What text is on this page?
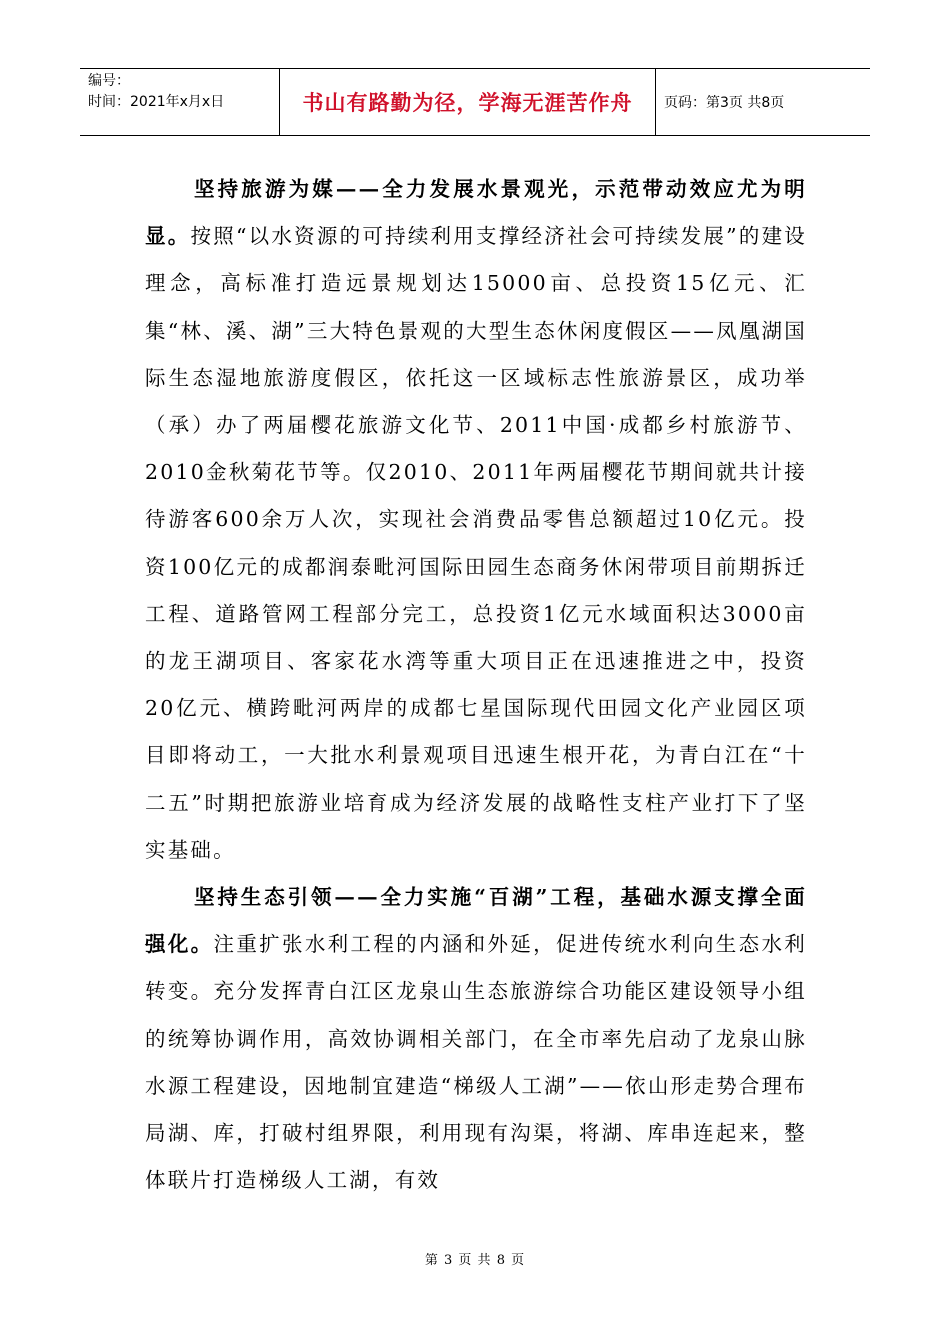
编号：
时间：2021年x月x日	书山有路勤为径，学海无涯苦作舟	页码：第3页 共8页

坚持旅游为媒——全力发展水景观光，示范带动效应尤为明显。按照“以水资源的可持续利用支撑经济社会可持续发展”的建设理念，高标准打造远景规划达15000亩、总投资15亿元、汇集“林、溪、湖”三大特色景观的大型生态休闲度假区——凤凰湖国际生态湿地旅游度假区，依托这一区域标志性旅游景区，成功举（承）办了两届樱花旅游文化节、2011中国·成都乡村旅游节、2010金秋菊花节等。仅2010、2011年两届樱花节期间就共计接待游客600余万人次，实现社会消费品零售总额超过10亿元。投资100亿元的成都润泰毗河国际田园生态商务休闲带项目前期拆迁工程、道路管网工程部分完工，总投资1亿元水域面积达3000亩的龙王湖项目、客家花水湾等重大项目正在迅速推进之中，投资20亿元、横跨毗河两岸的成都七星国际现代田园文化产业园区项目即将动工，一大批水利景观项目迅速生根开花，为青白江在“十二五”时期把旅游业培育成为经济发展的战略性支柱产业打下了坚实基础。

坚持生态引领——全力实施“百湖”工程，基础水源支撑全面强化。注重扩张水利工程的内涵和外延，促进传统水利向生态水利转变。充分发挥青白江区龙泉山生态旅游综合功能区建设领导小组的统筹协调作用，高效协调相关部门，在全市率先启动了龙泉山脉水源工程建设，因地制宜建造“梯级人工湖”——依山形走势合理布局湖、库，打破村组界限，利用现有沟渠，将湖、库串连起来，整体联片打造梯级人工湖，有效

第 3 页 共 8 页
